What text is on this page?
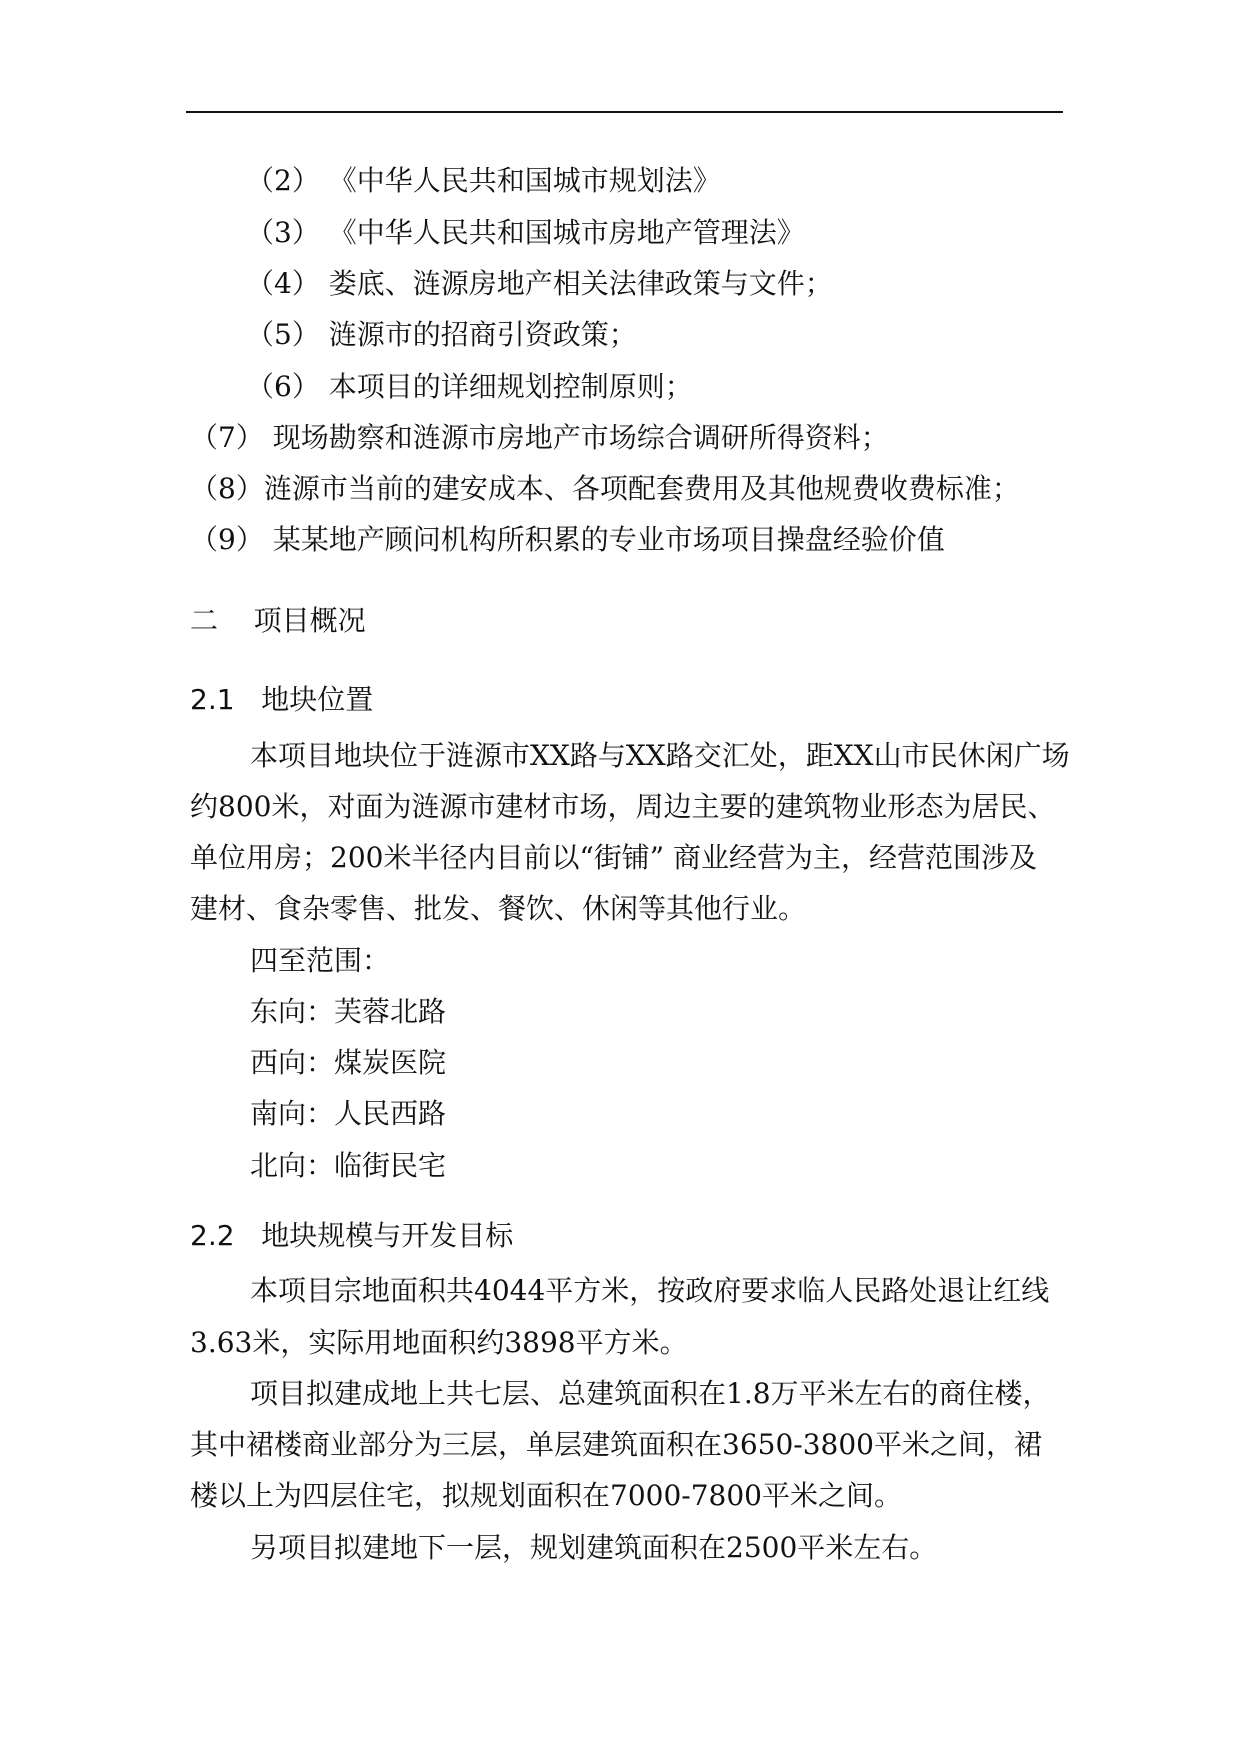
（2） 《中华人民共和国城市规划法》
（3） 《中华人民共和国城市房地产管理法》
（4） 娄底、涟源房地产相关法律政策与文件；
（5） 涟源市的招商引资政策；
（6） 本项目的详细规划控制原则；
（7） 现场勘察和涟源市房地产市场综合调研所得资料；
（8）涟源市当前的建安成本、各项配套费用及其他规费收费标准；
（9） 某某地产顾问机构所积累的专业市场项目操盘经验价值
二 项目概况
2.1 地块位置
本项目地块位于涟源市XX路与XX路交汇处，距XX山市民休闲广场
约800米，对面为涟源市建材市场，周边主要的建筑物业形态为居民、
单位用房；200米半径内目前以“街铺” 商业经营为主，经营范围涉及
建材、食杂零售、批发、餐饮、休闲等其他行业。
四至范围：
东向：芙蓉北路
西向：煤炭医院
南向：人民西路
北向：临街民宅
2.2 地块规模与开发目标
本项目宗地面积共4044平方米，按政府要求临人民路处退让红线
3.63米，实际用地面积约3898平方米。
项目拟建成地上共七层、总建筑面积在1.8万平米左右的商住楼，
其中裙楼商业部分为三层，单层建筑面积在3650-3800平米之间，裙
楼以上为四层住宅，拟规划面积在7000-7800平米之间。
另项目拟建地下一层，规划建筑面积在2500平米左右。
